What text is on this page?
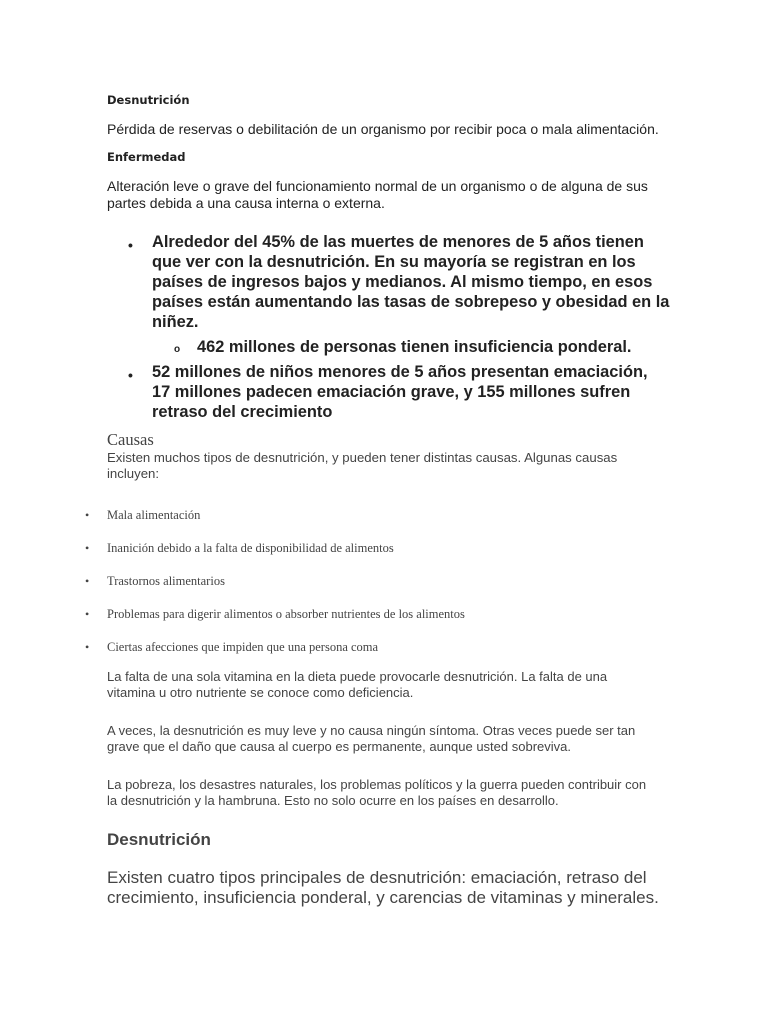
Desnutrición
Pérdida de reservas o debilitación de un organismo por recibir poca o mala alimentación.
Enfermedad
Alteración leve o grave del funcionamiento normal de un organismo o de alguna de sus partes debida a una causa interna o externa.
• Alrededor del 45% de las muertes de menores de 5 años tienen que ver con la desnutrición. En su mayoría se registran en los países de ingresos bajos y medianos. Al mismo tiempo, en esos países están aumentando las tasas de sobrepeso y obesidad en la niñez.
o 462 millones de personas tienen insuficiencia ponderal.
• 52 millones de niños menores de 5 años presentan emaciación, 17 millones padecen emaciación grave, y 155 millones sufren retraso del crecimiento
Causas
Existen muchos tipos de desnutrición, y pueden tener distintas causas. Algunas causas incluyen:
• Mala alimentación
• Inanición debido a la falta de disponibilidad de alimentos
• Trastornos alimentarios
• Problemas para digerir alimentos o absorber nutrientes de los alimentos
• Ciertas afecciones que impiden que una persona coma
La falta de una sola vitamina en la dieta puede provocarle desnutrición. La falta de una vitamina u otro nutriente se conoce como deficiencia.
A veces, la desnutrición es muy leve y no causa ningún síntoma. Otras veces puede ser tan grave que el daño que causa al cuerpo es permanente, aunque usted sobreviva.
La pobreza, los desastres naturales, los problemas políticos y la guerra pueden contribuir con la desnutrición y la hambruna. Esto no solo ocurre en los países en desarrollo.
Desnutrición
Existen cuatro tipos principales de desnutrición: emaciación, retraso del crecimiento, insuficiencia ponderal, y carencias de vitaminas y minerales.
